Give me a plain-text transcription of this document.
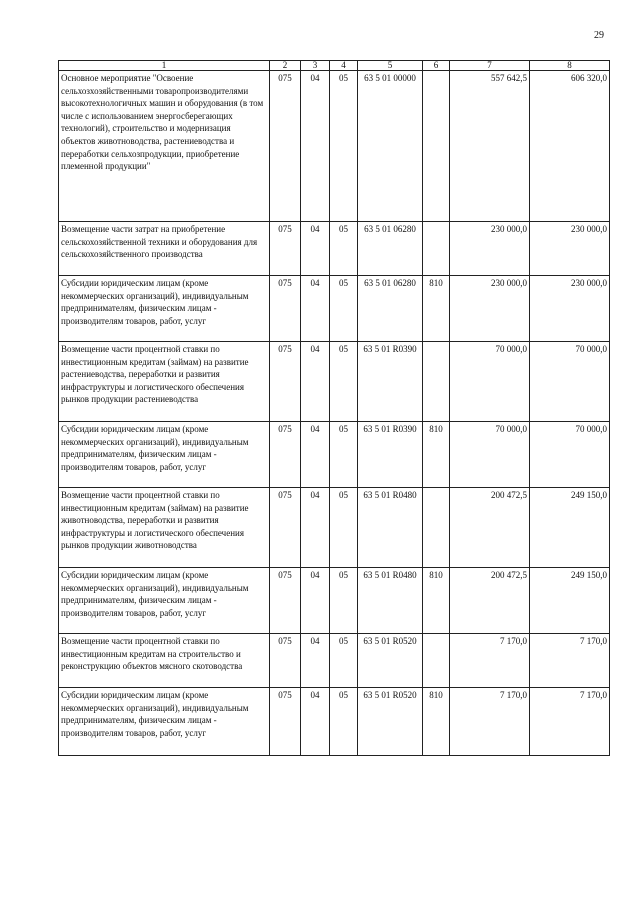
29
1	2	3	4	5	6	7	8
Основное мероприятие "Освоение сельхозхозяйственными товаропроизводителями высокотехнологичных машин и оборудования (в том числе с использованием энергосберегающих технологий), строительство и модернизация объектов животноводства, растениеводства и переработки сельхозпродукции, приобретение племенной продукции"	075	04	05	63 5 01 00000		557 642,5	606 320,0
Возмещение части затрат на приобретение сельскохозяйственной техники и оборудования для сельскохозяйственного производства	075	04	05	63 5 01 06280		230 000,0	230 000,0
Субсидии юридическим лицам (кроме некоммерческих организаций), индивидуальным предпринимателям, физическим лицам - производителям товаров, работ, услуг	075	04	05	63 5 01 06280	810	230 000,0	230 000,0
Возмещение части процентной ставки по инвестиционным кредитам (займам) на развитие растениеводства, переработки и развития инфраструктуры и логистического обеспечения рынков продукции растениеводства	075	04	05	63 5 01 R0390		70 000,0	70 000,0
Субсидии юридическим лицам (кроме некоммерческих организаций), индивидуальным предпринимателям, физическим лицам - производителям товаров, работ, услуг	075	04	05	63 5 01 R0390	810	70 000,0	70 000,0
Возмещение части процентной ставки по инвестиционным кредитам (займам) на развитие животноводства, переработки и развития инфраструктуры и логистического обеспечения рынков продукции животноводства	075	04	05	63 5 01 R0480		200 472,5	249 150,0
Субсидии юридическим лицам (кроме некоммерческих организаций), индивидуальным предпринимателям, физическим лицам - производителям товаров, работ, услуг	075	04	05	63 5 01 R0480	810	200 472,5	249 150,0
Возмещение части процентной ставки по инвестиционным кредитам на строительство и реконструкцию объектов мясного скотоводства	075	04	05	63 5 01 R0520		7 170,0	7 170,0
Субсидии юридическим лицам (кроме некоммерческих организаций), индивидуальным предпринимателям, физическим лицам - производителям товаров, работ, услуг	075	04	05	63 5 01 R0520	810	7 170,0	7 170,0
